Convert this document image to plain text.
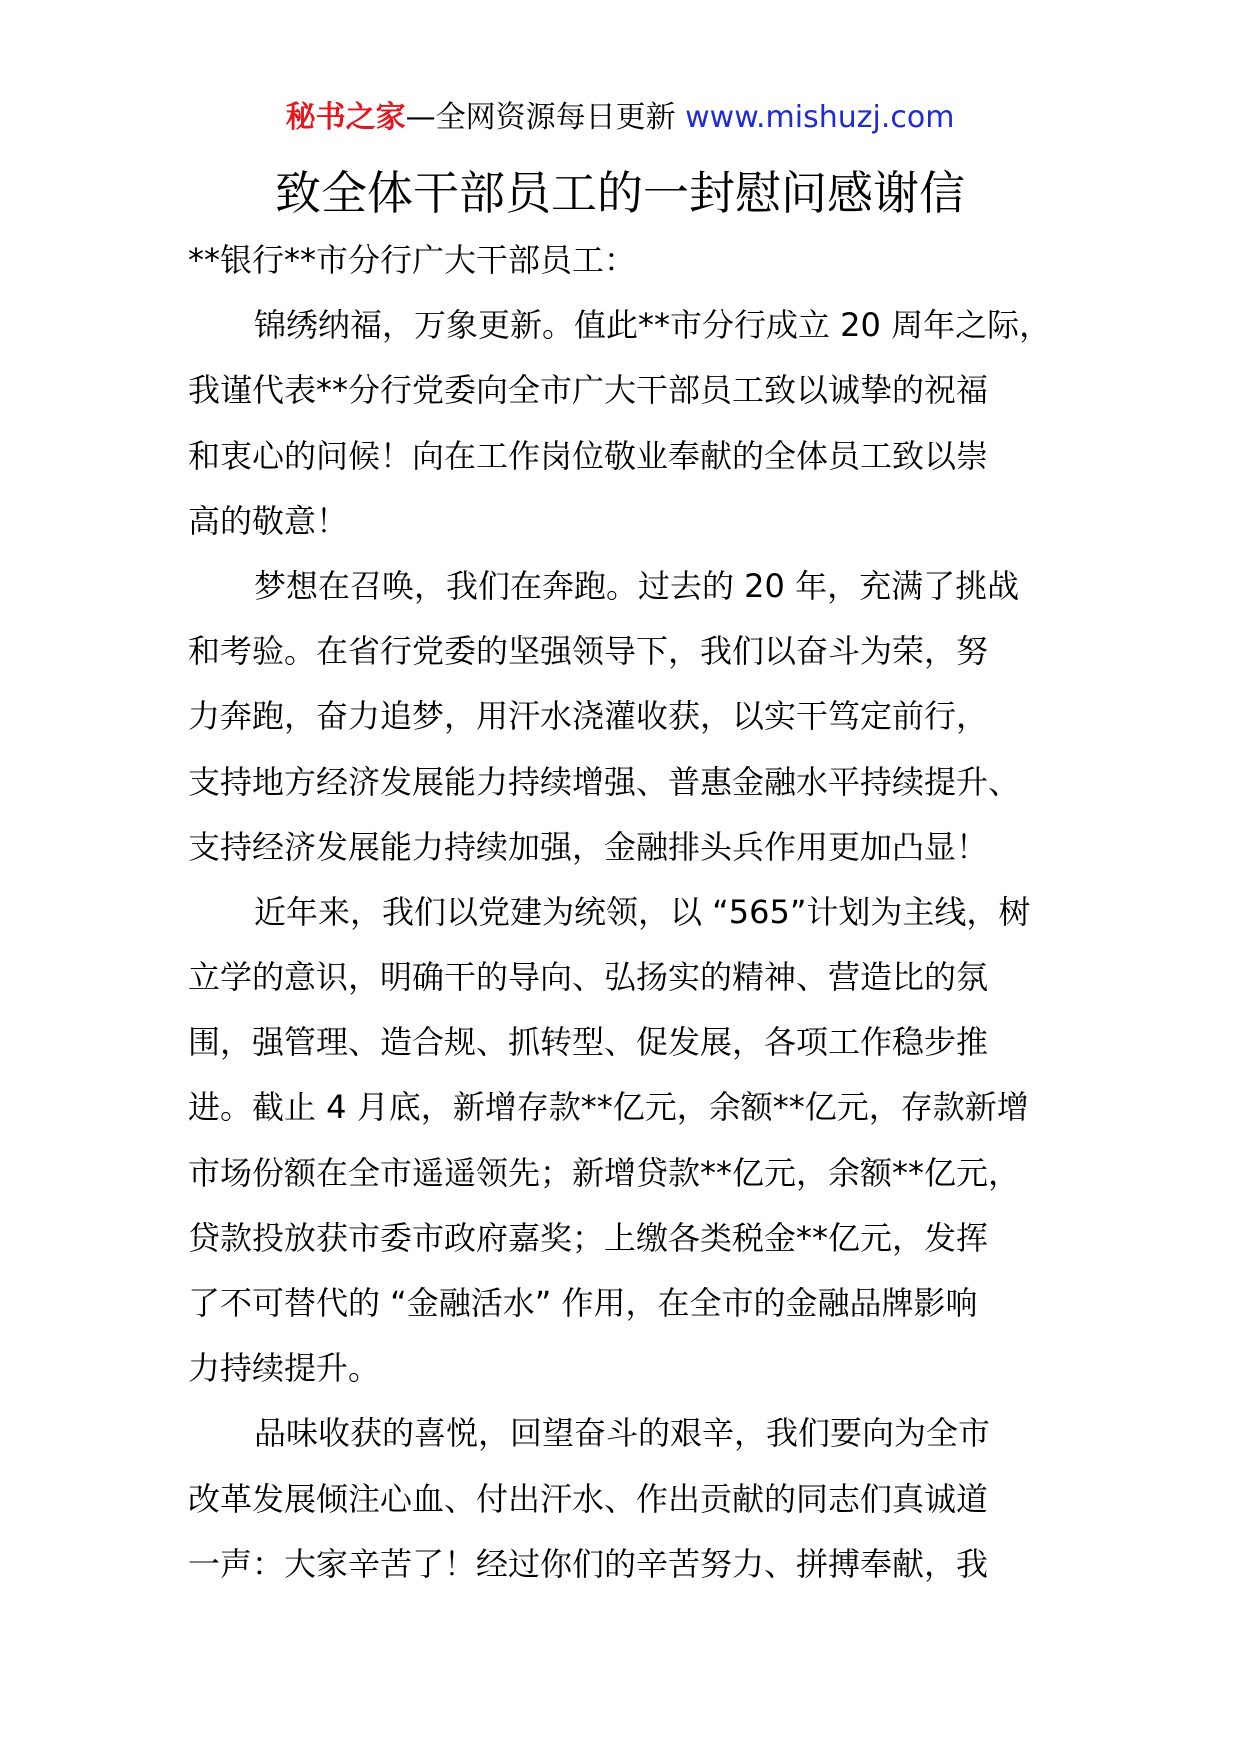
秘书之家—全网资源每日更新 www.mishuzj.com
致全体干部员工的一封慰问感谢信
**银行**市分行广大干部员工：
锦绣纳福，万象更新。值此**市分行成立 20 周年之际，
我谨代表**分行党委向全市广大干部员工致以诚挚的祝福
和衷心的问候！向在工作岗位敬业奉献的全体员工致以崇
高的敬意！
梦想在召唤，我们在奔跑。过去的 20 年，充满了挑战
和考验。在省行党委的坚强领导下，我们以奋斗为荣，努
力奔跑，奋力追梦，用汗水浇灌收获，以实干笃定前行，
支持地方经济发展能力持续增强、普惠金融水平持续提升、
支持经济发展能力持续加强，金融排头兵作用更加凸显！
近年来，我们以党建为统领，以 “565”计划为主线，树
立学的意识，明确干的导向、弘扬实的精神、营造比的氛
围，强管理、造合规、抓转型、促发展，各项工作稳步推
进。截止 4 月底，新增存款**亿元，余额**亿元，存款新增
市场份额在全市遥遥领先；新增贷款**亿元，余额**亿元，
贷款投放获市委市政府嘉奖；上缴各类税金**亿元，发挥
了不可替代的 “金融活水” 作用，在全市的金融品牌影响
力持续提升。
品味收获的喜悦，回望奋斗的艰辛，我们要向为全市
改革发展倾注心血、付出汗水、作出贡献的同志们真诚道
一声：大家辛苦了！经过你们的辛苦努力、拼搏奉献，我
